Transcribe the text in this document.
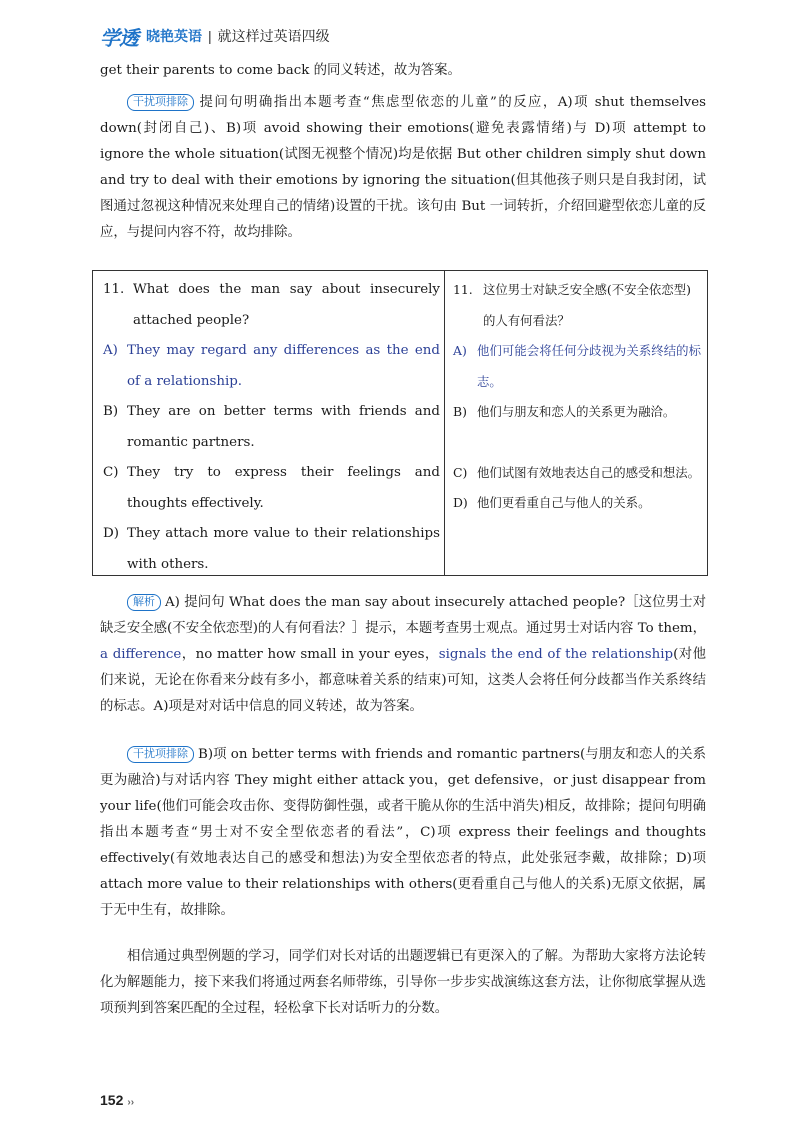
学透 晓艳英语 | 就这样过英语四级
get their parents to come back 的同义转述，故为答案。
干扰项排除 提问句明确指出本题考查“焦虑型依恋的儿童”的反应，A)项 shut themselves down(封闭自己)、B)项 avoid showing their emotions(避免表露情绪)与 D)项 attempt to ignore the whole situation(试图无视整个情况)均是依据 But other children simply shut down and try to deal with their emotions by ignoring the situation(但其他孩子则只是自我封闭，试图通过忽视这种情况来处理自己的情绪)设置的干扰。该句由 But 一词转折，介绍回避型依恋儿童的反应，与提问内容不符，故均排除。
11. What does the man say about insecurely attached people?
A) They may regard any differences as the end of a relationship.
B) They are on better terms with friends and romantic partners.
C) They try to express their feelings and thoughts effectively.
D) They attach more value to their relationships with others.
11. 这位男士对缺乏安全感(不安全依恋型)的人有何看法？
A) 他们可能会将任何分歧视为关系终结的标志。
B) 他们与朋友和恋人的关系更为融洽。
C) 他们试图有效地表达自己的感受和想法。
D) 他们更看重自己与他人的关系。
解析 A) 提问句 What does the man say about insecurely attached people?［这位男士对缺乏安全感(不安全依恋型)的人有何看法？］提示，本题考查男士观点。通过男士对话内容 To them，a difference，no matter how small in your eyes，signals the end of the relationship(对他们来说，无论在你看来分歧有多小，都意味着关系的结束)可知，这类人会将任何分歧都当作关系终结的标志。A)项是对对话中信息的同义转述，故为答案。
干扰项排除 B)项 on better terms with friends and romantic partners(与朋友和恋人的关系更为融洽)与对话内容 They might either attack you，get defensive，or just disappear from your life(他们可能会攻击你、变得防御性强，或者干脆从你的生活中消失)相反，故排除；提问句明确指出本题考查“男士对不安全型依恋者的看法”，C)项 express their feelings and thoughts effectively(有效地表达自己的感受和想法)为安全型依恋者的特点，此处张冠李戴，故排除；D)项 attach more value to their relationships with others(更看重自己与他人的关系)无原文依据，属于无中生有，故排除。
相信通过典型例题的学习，同学们对长对话的出题逻辑已有更深入的了解。为帮助大家将方法论转化为解题能力，接下来我们将通过两套名师带练，引导你一步步实战演练这套方法，让你彻底掌握从选项预判到答案匹配的全过程，轻松拿下长对话听力的分数。
152 ››
